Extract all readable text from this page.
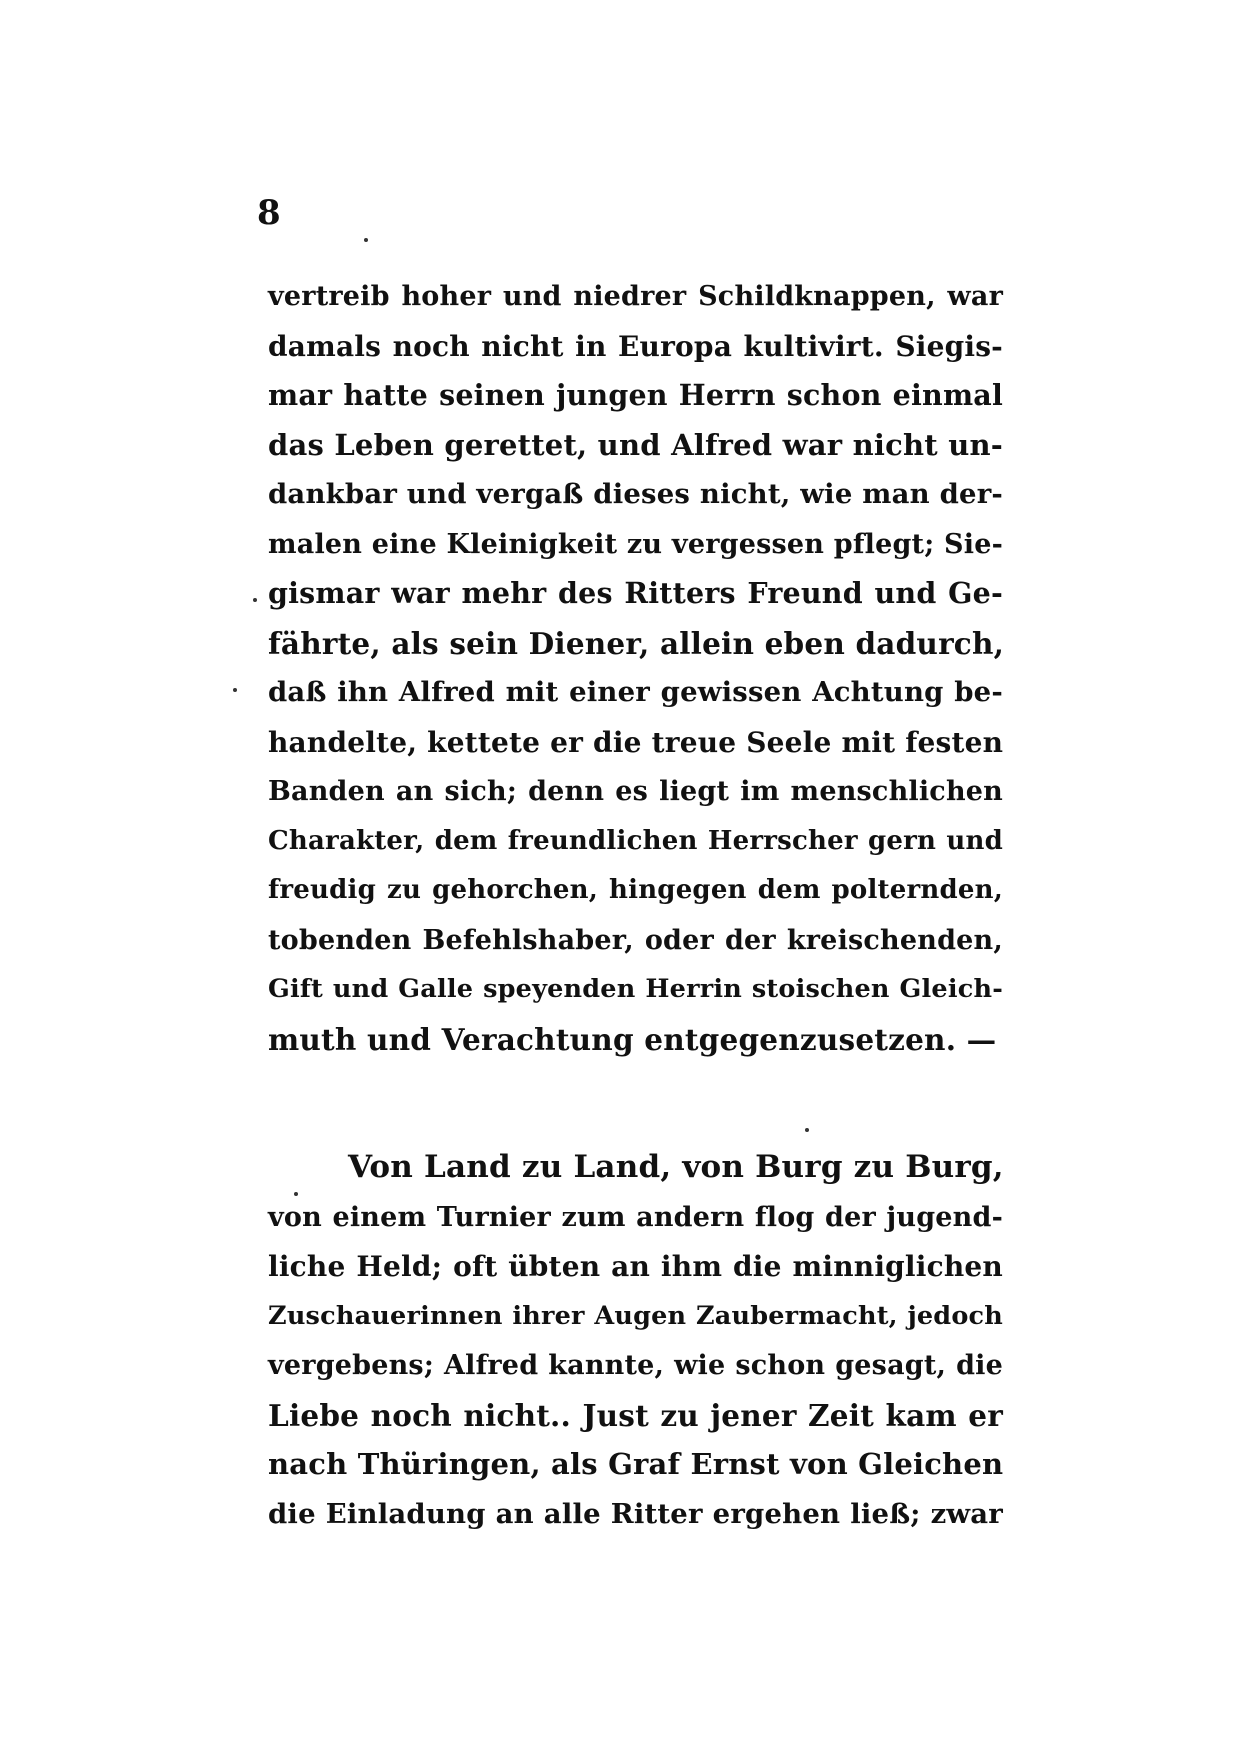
8
vertreib hoher und niedrer Schildknappen, war
damals noch nicht in Europa kultivirt. Siegis-
mar hatte seinen jungen Herrn schon einmal
das Leben gerettet, und Alfred war nicht un-
dankbar und vergaß dieses nicht, wie man der-
malen eine Kleinigkeit zu vergessen pflegt; Sie-
gismar war mehr des Ritters Freund und Ge-
fährte, als sein Diener, allein eben dadurch,
daß ihn Alfred mit einer gewissen Achtung be-
handelte, kettete er die treue Seele mit festen
Banden an sich; denn es liegt im menschlichen
Charakter, dem freundlichen Herrscher gern und
freudig zu gehorchen, hingegen dem polternden,
tobenden Befehlshaber, oder der kreischenden,
Gift und Galle speyenden Herrin stoischen Gleich-
muth und Verachtung entgegenzusetzen. —
Von Land zu Land, von Burg zu Burg,
von einem Turnier zum andern flog der jugend-
liche Held; oft übten an ihm die minniglichen
Zuschauerinnen ihrer Augen Zaubermacht, jedoch
vergebens; Alfred kannte, wie schon gesagt, die
Liebe noch nicht.. Just zu jener Zeit kam er
nach Thüringen, als Graf Ernst von Gleichen
die Einladung an alle Ritter ergehen ließ; zwar
